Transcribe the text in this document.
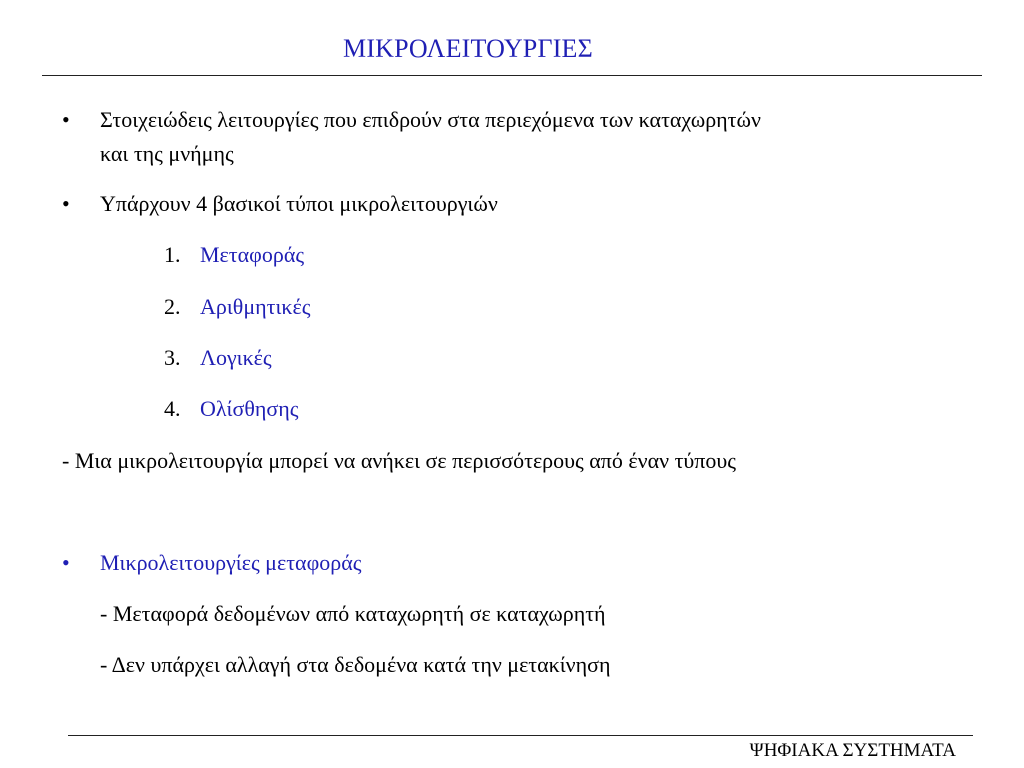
ΜΙΚΡΟΛΕΙΤΟΥΡΓΙΕΣ
• Στοιχειώδεις λειτουργίες που επιδρούν στα περιεχόμενα των καταχωρητών
και της μνήμης
• Υπάρχουν 4 βασικοί τύποι μικρολειτουργιών
1. Μεταφοράς
2. Αριθμητικές
3. Λογικές
4. Ολίσθησης
- Μια μικρολειτουργία μπορεί να ανήκει σε περισσότερους από έναν τύπους
• Μικρολειτουργίες μεταφοράς
- Μεταφορά δεδομένων από καταχωρητή σε καταχωρητή
- Δεν υπάρχει αλλαγή στα δεδομένα κατά την μετακίνηση
ΨΗΦΙΑΚΑ ΣΥΣΤΗΜΑΤΑ
